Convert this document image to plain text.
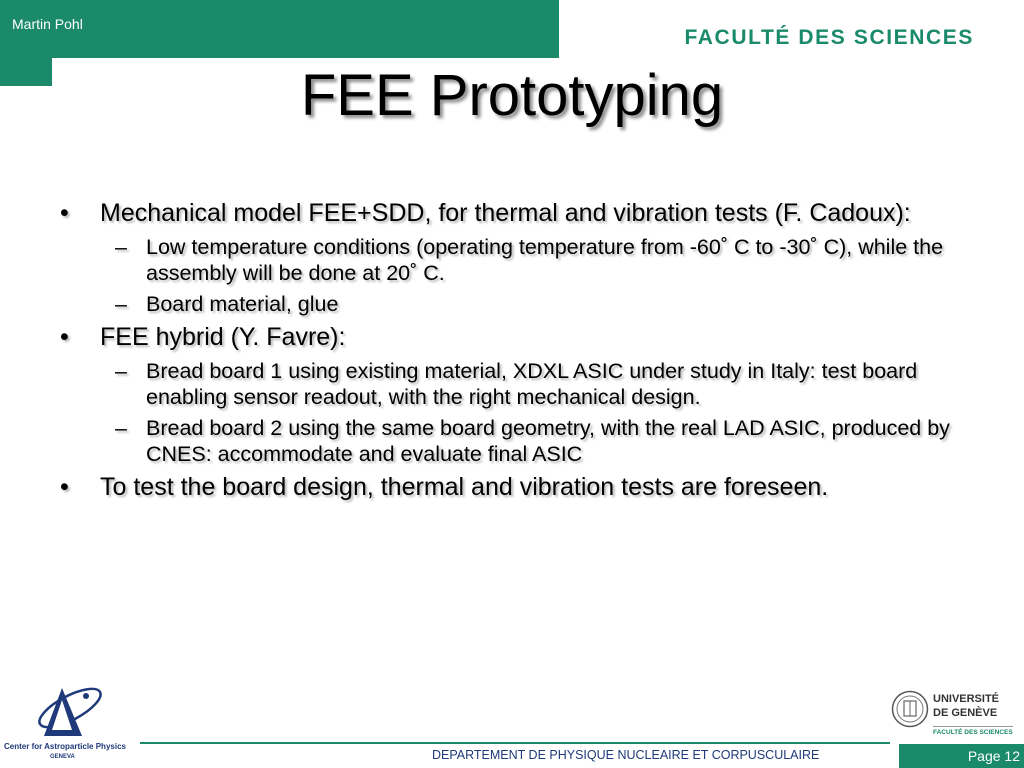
Martin Pohl
FACULTÉ DES SCIENCES
FEE Prototyping
• Mechanical model FEE+SDD, for thermal and vibration tests (F. Cadoux):
– Low temperature conditions (operating temperature from -60˚ C to -30˚ C), while the assembly will be done at 20˚ C.
– Board material, glue
• FEE hybrid (Y. Favre):
– Bread board 1 using existing material, XDXL ASIC under study in Italy: test board enabling sensor readout, with the right mechanical design.
– Bread board 2 using the same board geometry, with the real LAD ASIC, produced by CNES: accommodate and evaluate final ASIC
• To test the board design, thermal and vibration tests are foreseen.
Center for Astroparticle Physics
GENEVA	DEPARTEMENT DE PHYSIQUE NUCLEAIRE ET CORPUSCULAIRE
UNIVERSITÉ
DE GENÈVE
FACULTÉ DES SCIENCES
Page 12
